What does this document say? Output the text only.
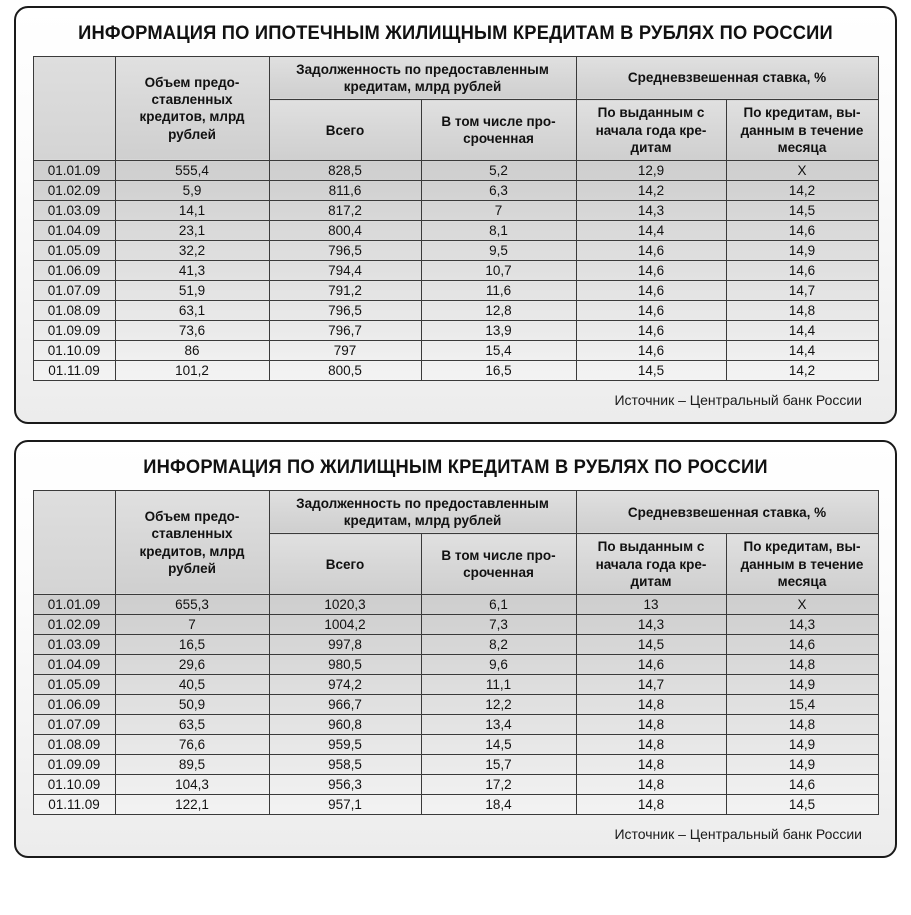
ИНФОРМАЦИЯ ПО ИПОТЕЧНЫМ ЖИЛИЩНЫМ КРЕДИТАМ В РУБЛЯХ ПО РОССИИ
	Объем предо-ставленных кредитов, млрд рублей	Задолженность по предоставленным кредитам, млрд рублей		Средневзвешенная ставка, %	
		Всего	В том числе про-сроченная	По выданным с начала года кре-дитам	По кредитам, вы-данным в течение месяца
01.01.09	555,4	828,5	5,2	12,9	X
01.02.09	5,9	811,6	6,3	14,2	14,2
01.03.09	14,1	817,2	7	14,3	14,5
01.04.09	23,1	800,4	8,1	14,4	14,6
01.05.09	32,2	796,5	9,5	14,6	14,9
01.06.09	41,3	794,4	10,7	14,6	14,6
01.07.09	51,9	791,2	11,6	14,6	14,7
01.08.09	63,1	796,5	12,8	14,6	14,8
01.09.09	73,6	796,7	13,9	14,6	14,4
01.10.09	86	797	15,4	14,6	14,4
01.11.09	101,2	800,5	16,5	14,5	14,2
Источник – Центральный банк России
ИНФОРМАЦИЯ ПО ЖИЛИЩНЫМ КРЕДИТАМ В РУБЛЯХ ПО РОССИИ
	Объем предо-ставленных кредитов, млрд рублей	Задолженность по предоставленным кредитам, млрд рублей		Средневзвешенная ставка, %	
		Всего	В том числе про-сроченная	По выданным с начала года кре-дитам	По кредитам, вы-данным в течение месяца
01.01.09	655,3	1020,3	6,1	13	X
01.02.09	7	1004,2	7,3	14,3	14,3
01.03.09	16,5	997,8	8,2	14,5	14,6
01.04.09	29,6	980,5	9,6	14,6	14,8
01.05.09	40,5	974,2	11,1	14,7	14,9
01.06.09	50,9	966,7	12,2	14,8	15,4
01.07.09	63,5	960,8	13,4	14,8	14,8
01.08.09	76,6	959,5	14,5	14,8	14,9
01.09.09	89,5	958,5	15,7	14,8	14,9
01.10.09	104,3	956,3	17,2	14,8	14,6
01.11.09	122,1	957,1	18,4	14,8	14,5
Источник – Центральный банк России
